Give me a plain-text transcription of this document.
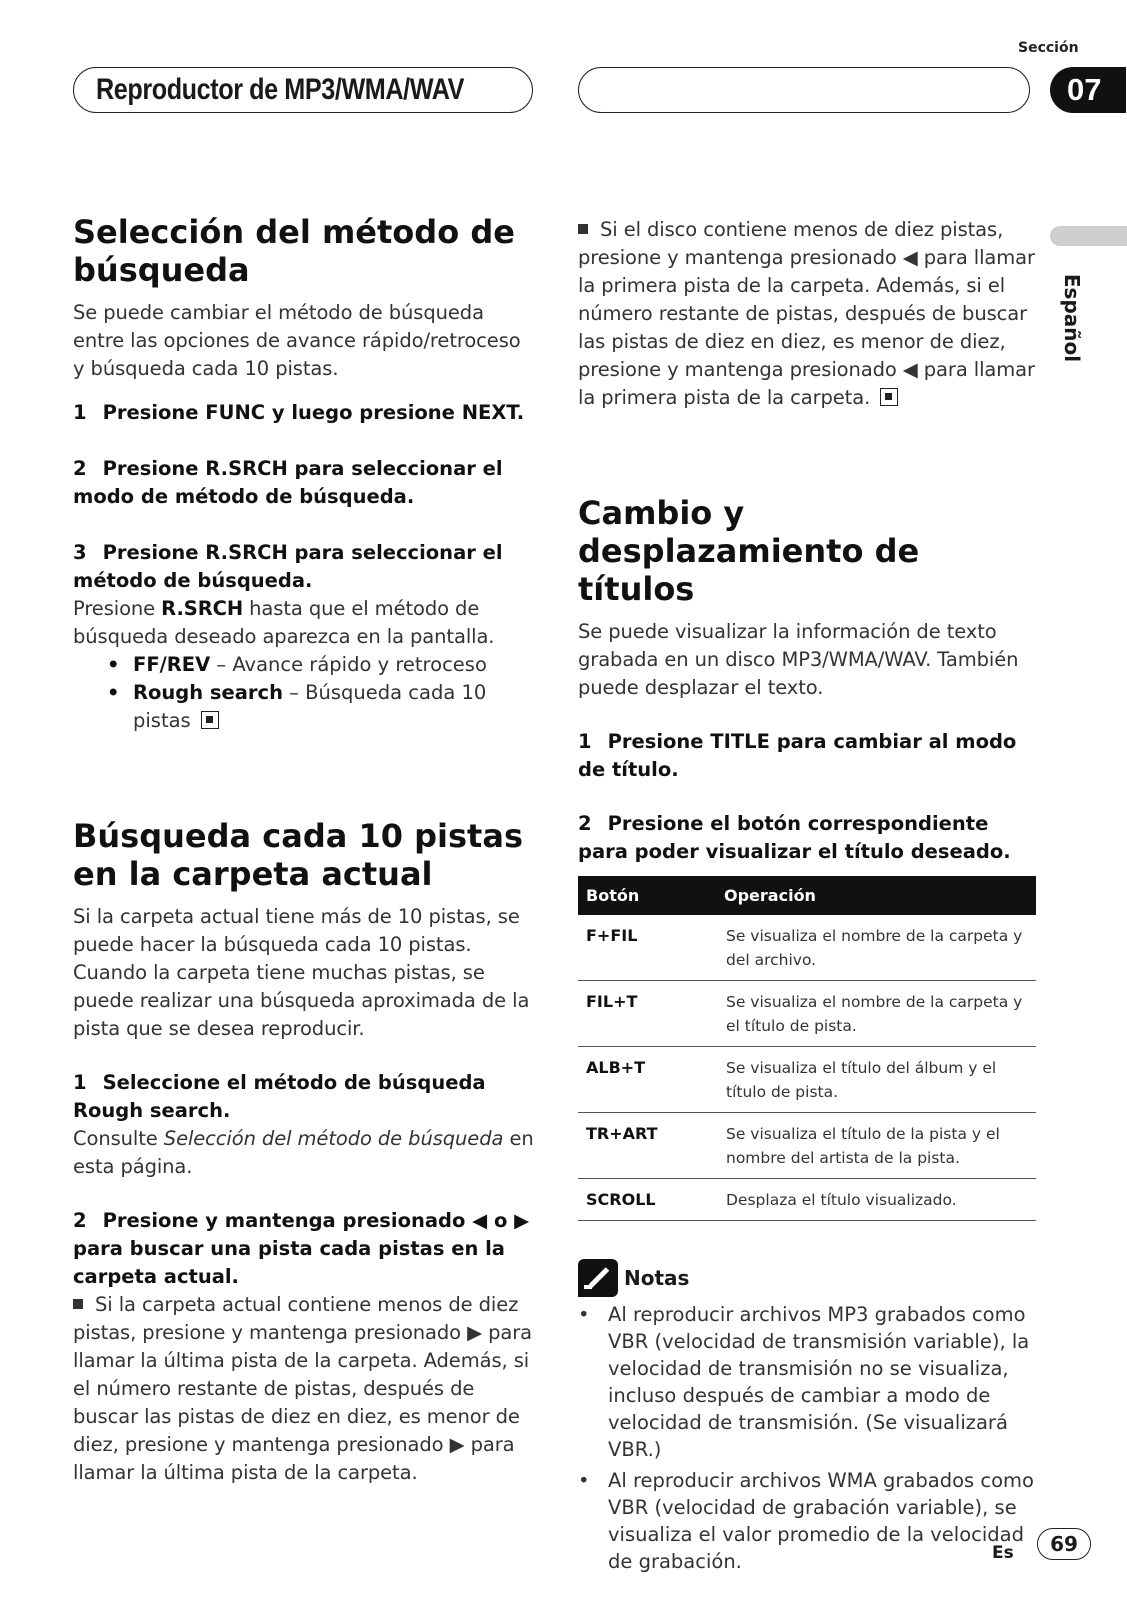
Sección
Reproductor de MP3/WMA/WAV	07
Español
Selección del método de búsqueda

Se puede cambiar el método de búsqueda entre las opciones de avance rápido/retroceso y búsqueda cada 10 pistas.

1 Presione FUNC y luego presione NEXT.
2 Presione R.SRCH para seleccionar el modo de método de búsqueda.
3 Presione R.SRCH para seleccionar el método de búsqueda.

Presione R.SRCH hasta que el método de búsqueda deseado aparezca en la pantalla.

• FF/REV – Avance rápido y retroceso
• Rough search – Búsqueda cada 10 pistas
Búsqueda cada 10 pistas en la carpeta actual

Si la carpeta actual tiene más de 10 pistas, se puede hacer la búsqueda cada 10 pistas. Cuando la carpeta tiene muchas pistas, se puede realizar una búsqueda aproximada de la pista que se desea reproducir.

1 Seleccione el método de búsqueda Rough search.

Consulte Selección del método de búsqueda en esta página.

2 Presione y mantenga presionado ◀ o ▶ para buscar una pista cada pistas en la carpeta actual.

Si la carpeta actual contiene menos de diez pistas, presione y mantenga presionado ▶ para llamar la última pista de la carpeta. Además, si el número restante de pistas, después de buscar las pistas de diez en diez, es menor de diez, presione y mantenga presionado ▶ para llamar la última pista de la carpeta.

Si el disco contiene menos de diez pistas, presione y mantenga presionado ◀ para llamar la primera pista de la carpeta. Además, si el número restante de pistas, después de buscar las pistas de diez en diez, es menor de diez, presione y mantenga presionado ◀ para llamar la primera pista de la carpeta.

Cambio y desplazamiento de títulos

Se puede visualizar la información de texto grabada en un disco MP3/WMA/WAV. También puede desplazar el texto.

1 Presione TITLE para cambiar al modo de título.
2 Presione el botón correspondiente para poder visualizar el título deseado.
Botón	Operación
F+FIL	Se visualiza el nombre de la carpeta y del archivo.
FIL+T	Se visualiza el nombre de la carpeta y el título de pista.
ALB+T	Se visualiza el título del álbum y el título de pista.
TR+ART	Se visualiza el título de la pista y el nombre del artista de la pista.
SCROLL	Desplaza el título visualizado.
Notas
• Al reproducir archivos MP3 grabados como VBR (velocidad de transmisión variable), la velocidad de transmisión no se visualiza, incluso después de cambiar a modo de velocidad de transmisión. (Se visualizará VBR.)
• Al reproducir archivos WMA grabados como VBR (velocidad de grabación variable), se visualiza el valor promedio de la velocidad de grabación.	Es	69
